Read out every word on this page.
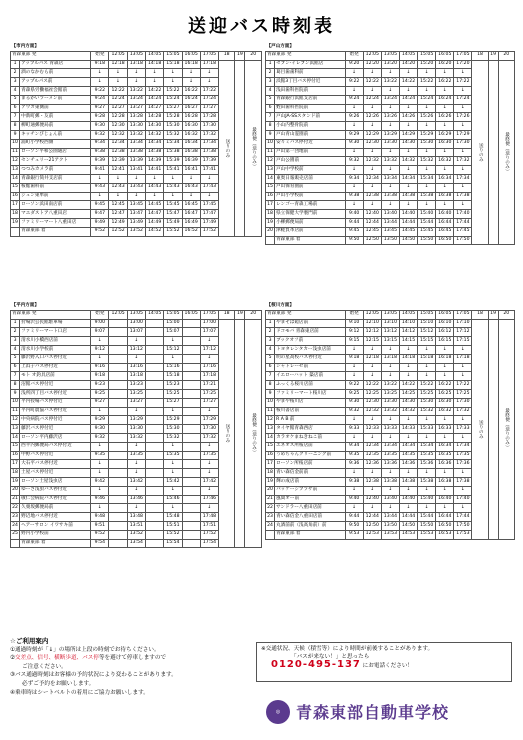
送迎バス時刻表
【市内方面】											
青森東部 発		始発	12:05	13:05	14:05	15:05	16:05	17:05	18	19	20
1	アップルパス 青森店	9:18	12:18	13:18	14:18	15:18	16:18	17:18	送りのみ		最終便（送りのみ）
2	酒のなかむら前	↓	↓	↓	↓	↓	↓	↓			
3	アップルパス前	↓	↓	↓	↓	↓	↓	↓			
4	青森県労働福祉会館前	9:22	12:22	13:22	14:22	15:22	16:22	17:22			
5	まるかいラーメン前	9:24	12:24	13:24	14:24	15:24	16:24	17:24			
6	アウガ東側前	9:27	12:27	13:27	14:27	15:27	16:27	17:27			
7	中新町郵・友前	9:28	12:28	13:28	14:28	15:28	16:28	17:28			
8	柳町通郵便局前	9:30	12:30	13:30	14:30	15:30	16:30	17:30			
9	キッチンぴじょん前	9:32	12:32	13:32	14:32	15:32	16:32	17:32			
10	浦町小学校西側	9:34	12:34	13:34	14:34	15:34	16:34	17:34			
11	ローソン平和公園通店	9:38	12:38	13:38	14:38	15:38	16:38	17:38			
12	センチュリー21アクト	9:39	12:39	13:39	14:39	15:39	16:39	17:39			
13	つつみカメラ前	9:41	12:41	13:41	14:41	15:41	16:41	17:41			
14	青森銀行筒井支店前	↓	↓	↓	↓	↓	↓	↓			
15	桜総歯科前	9:43	12:43	13:43	14:43	15:43	16:43	17:43			
16	ジュン東単前	↓	↓	↓	↓	↓	↓	↓			
17	ローソン浜田南店前	9:45	12:45	13:45	14:45	15:45	16:45	17:45			
18	マエダストア八重田店	9:47	12:47	13:47	14:47	15:47	16:47	17:47			
19	ファミリーマート八重田店	9:49	12:49	13:49	14:49	15:49	16:49	17:49			
	青森東部 着	9:52	12:52	13:52	14:52	15:52	16:52	17:52			
【戸山方面】											
青森東部 発		始発	12:05	13:05	14:05	15:05	16:05	17:05	18	19	20
1	セブン-イレブン浜館店	9:20	12:20	13:20	14:20	15:20	16:20	17:20	送りのみ		最終便（送りのみ）
2	葛目歯歯科前	↓	↓	↓	↓	↓	↓	↓			
3	浜館3丁目バス停付近	9:22	12:22	13:22	14:22	15:22	16:22	17:22			
4	浅田歯科医院前	↓	↓	↓	↓	↓	↓	↓			
5	青森銀行浜館支店前	9:24	12:24	13:24	14:24	15:24	16:24	17:24			
6	蛭田歯科医院前	↓	↓	↓	↓	↓	↓	↓			
7	戸山JA-SSスタンド前	9:26	12:26	13:26	14:26	15:26	16:26	17:26			
8	小山内整骨院前	↓	↓	↓	↓	↓	↓	↓			
9	戸山青山霊園前	9:29	12:29	13:29	14:29	15:29	16:29	17:29			
10	安々ミバス停付近	9:30	12:30	13:30	14:30	15:30	16:30	17:30			
11	戸山第一団地前	↓	↓	↓	↓	↓	↓	↓			
12	戸山公園前	9:32	12:32	13:32	14:32	15:32	16:32	17:32			
13	戸山中学校前	↓	↓	↓	↓	↓	↓	↓			
14	東奥日報販売店前	9:34	12:34	13:34	14:34	15:34	16:34	17:34			
15	戸山保育園前	↓	↓	↓	↓	↓	↓	↓			
16	戸山小学校前	9:38	12:38	13:38	14:38	15:38	16:38	17:38			
17	レンゴー青森工場前	↓	↓	↓	↓	↓	↓	↓			
18	県立保健大学裏門前	9:40	12:40	13:40	14:40	15:40	16:40	17:40			
19	小柳郵便局前	9:44	12:44	13:44	14:44	15:44	16:44	17:44			
20	津軽負革店前	9:45	12:45	13:45	14:45	15:45	16:45	17:45			
	青森東部 着	9:50	12:50	13:50	14:50	15:50	16:50	17:50			
【平内方面】											
青森東部 発		始発	12:05	13:05	14:05	15:05	16:05	17:05	18	19	20
1	狩場沢公民館駐車場	9:00		13:00		15:00		17:00	送りのみ		最終便（送りのみ）
2	ファミリーマート口店	9:07		13:07		15:07		17:07			
3	清水川小橋西店前	↓		↓		↓		↓			
4	清水川小学校前	9:12		13:12		15:12		17:12			
5	藤沢野入口バス停付近	↓		↓		↓		↓			
6	上浜子バス停付近	9:16		13:16		15:16		17:16			
7	モト オ釣具店前	9:18		13:18		15:18		17:18			
8	沼館バス停付近	9:23		13:23		15:23		17:21			
9	浅所四丁目バス停付近	9:25		13:25		15:25		17:25			
10	平内役場バス停付近	9:27		13:27		15:27		17:27			
11	平内町農協バス停付近	↓		↓		↓		↓			
12	中央病院バス停付近	9:29		13:29		15:29		17:29			
13	藤沢バス停付近	9:30		13:30		15:30		17:30			
14	ローソン平内藤沢店	9:32		13:32		15:32		17:32			
15	西平内郵便局バス停付近	↓		↓		↓		↓			
16	中野バス停付近	9:35		13:35		15:35		17:35			
17	大石平バス停付近	↓		↓		↓		↓			
18	土屋バス停付近	↓		↓		↓		↓			
19	ローソン土屋浅虫店	9:42		13:42		15:42		17:42			
20	ゆーさ浅虫バス停付近	↓		↓		↓		↓			
21	敬仁会病院バス停付近	9:46		13:46		15:46		17:46			
22	久栗坂郵便局前	↓		↓		↓		↓			
23	野辺地バス停付近	9:48		13:48		15:48		17:48			
24	ヘアーサロン イワサキ前	9:51		13:51		15:51		17:51			
25	野内小学校前	9:52		13:52		15:52		17:52			
	青森東部 着	9:54		13:54		15:54		17:54			
【桜川方面】											
青森東部 発		始発	12:05	13:05	14:05	15:05	16:05	17:05	18	19	20
1	やまそば鎧店前	9:10	12:10	13:10	14:10	15:10	16:10	17:10	送りのみ		最終便（送りのみ）
2	ドコモバ 青森東店前	9:12	12:12	13:12	14:12	15:12	16:12	17:12			
3	ブックオフ前	9:15	12:15	13:15	14:15	15:15	16:15	17:15			
4	トヨタレンタカー浅虫店前	↓	↓	↓	↓	↓	↓	↓			
5	明の星高校バス停付近	9:18	12:18	13:18	14:18	15:18	16:18	17:18			
6	シャトレーゼ前	↓	↓	↓	↓	↓	↓	↓			
7	イエローハット 築店前	↓	↓	↓	↓	↓	↓	↓			
8	ふっくる桜川店前	9:22	12:22	13:22	14:22	15:22	16:22	17:22			
9	ファミリーマート桜川店	9:25	12:25	13:25	14:25	15:25	16:25	17:25			
10	やまや桜川店	9:30	12:30	13:30	14:30	15:30	16:30	17:30			
11	桜川書店前	9:32	12:32	13:32	14:32	15:32	16:32	17:32			
12	R A B 前	↓	↓	↓	↓	↓	↓	↓			
13	タイヤ館青森西店	9:33	12:33	13:33	14:33	15:33	16:33	17:33			
14	カラオケまねきねこ前	↓	↓	↓	↓	↓	↓	↓			
15	エネオス所桜店前	9:34	12:34	13:34	14:34	15:34	16:34	17:34			
16	うめちゃんクリーニング前	9:35	12:35	13:35	14:35	15:35	16:35	17:35			
17	ローソン所桜店前	9:36	12:36	13:36	14:36	15:36	16:36	17:36			
18	青い森信金前前	↓	↓	↓	↓	↓	↓	↓			
19	輝の成店前	9:38	12:38	13:38	14:38	15:38	16:38	17:38			
20	パッケージプラザ前	↓	↓	↓	↓	↓	↓	↓			
21	風間オー前	9:40	12:40	13:40	14:40	15:40	16:40	17:40			
22	サンドラー八重田店前	↓	↓	↓	↓	↓	↓	↓			
23	青い森信金八重田店前	9:44	12:44	13:44	14:44	15:44	16:44	17:44			
24	丸酒前前（浅高角前）前	9:50	12:50	13:50	14:50	15:50	16:50	17:50			
	青森東部 着	9:53	12:53	13:53	14:53	15:53	16:53	17:53			
☆ご利用案内
①通過時刻が「↓」の場所は上段の時刻でお待ちください。
②交差点、信号、横断歩道、バス停等を避けて停車しますので
ご注意ください。
③バス通過時刻はお客様の予約状況により変わることがあります。
必ずご予約をお願いします。
④乗車時はシートベルトの着用にご協力お願いします。
※交通状況、天候（積雪等）により時間が前後することがあります。
「バスが来ない！」と思ったら
0120-495-137 にお電話ください！
◎ 青森東部自動車学校
